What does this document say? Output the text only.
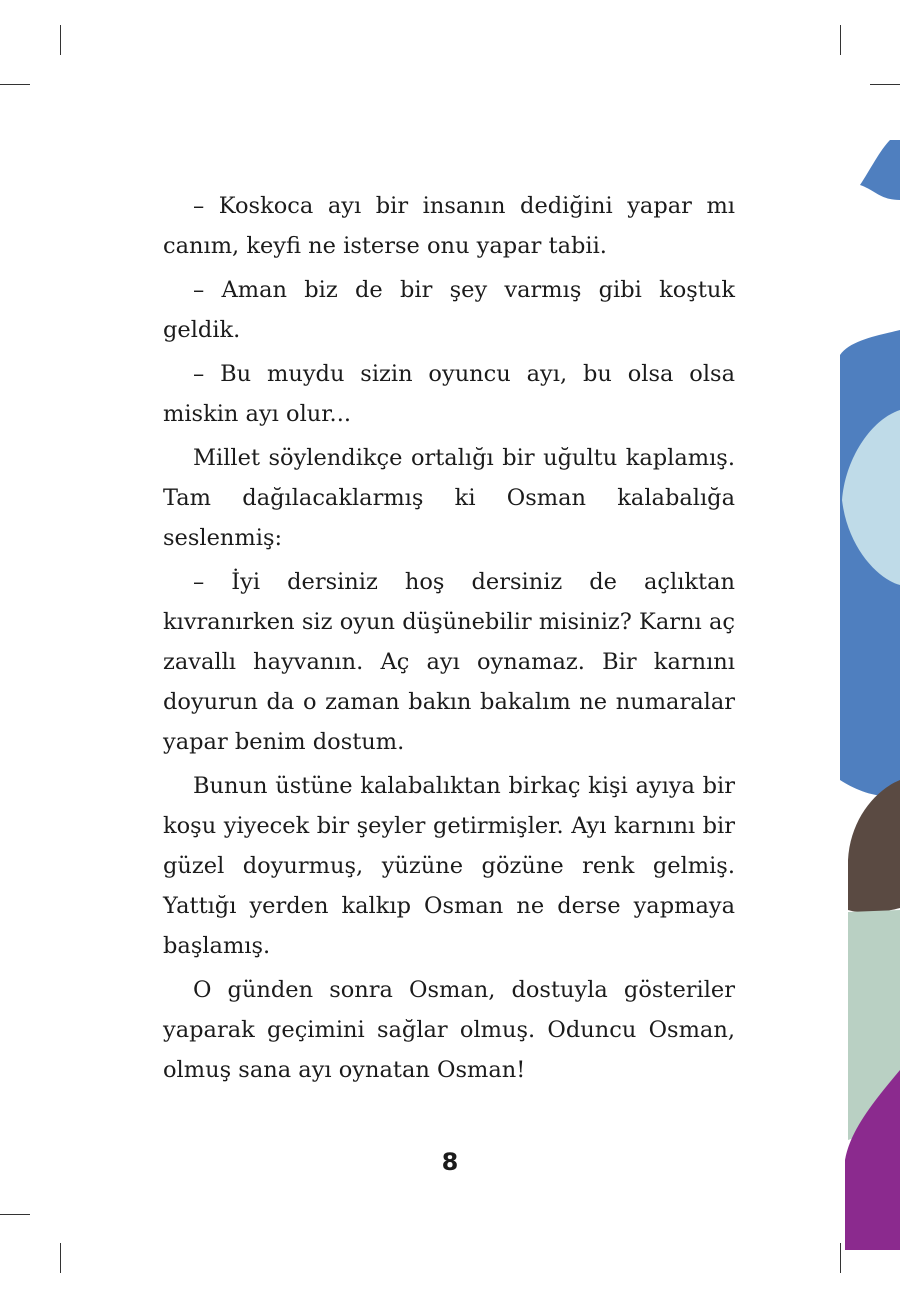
– Koskoca ayı bir insanın dediğini yapar mı canım, keyfi ne isterse onu yapar tabii.

– Aman biz de bir şey varmış gibi koştuk geldik.

– Bu muydu sizin oyuncu ayı, bu olsa olsa miskin ayı olur...

Millet söylendikçe ortalığı bir uğultu kaplamış. Tam dağılacaklarmış ki Osman kalabalığa seslenmiş:

– İyi dersiniz hoş dersiniz de açlıktan kıvranırken siz oyun düşünebilir misiniz? Karnı aç zavallı hayvanın. Aç ayı oynamaz. Bir karnını doyurun da o zaman bakın bakalım ne numaralar yapar benim dostum.

Bunun üstüne kalabalıktan birkaç kişi ayıya bir koşu yiyecek bir şeyler getirmişler. Ayı karnını bir güzel doyurmuş, yüzüne gözüne renk gelmiş. Yattığı yerden kalkıp Osman ne derse yapmaya başlamış.

O günden sonra Osman, dostuyla gösteriler yaparak geçimini sağlar olmuş. Oduncu Osman, olmuş sana ayı oynatan Osman!

8
